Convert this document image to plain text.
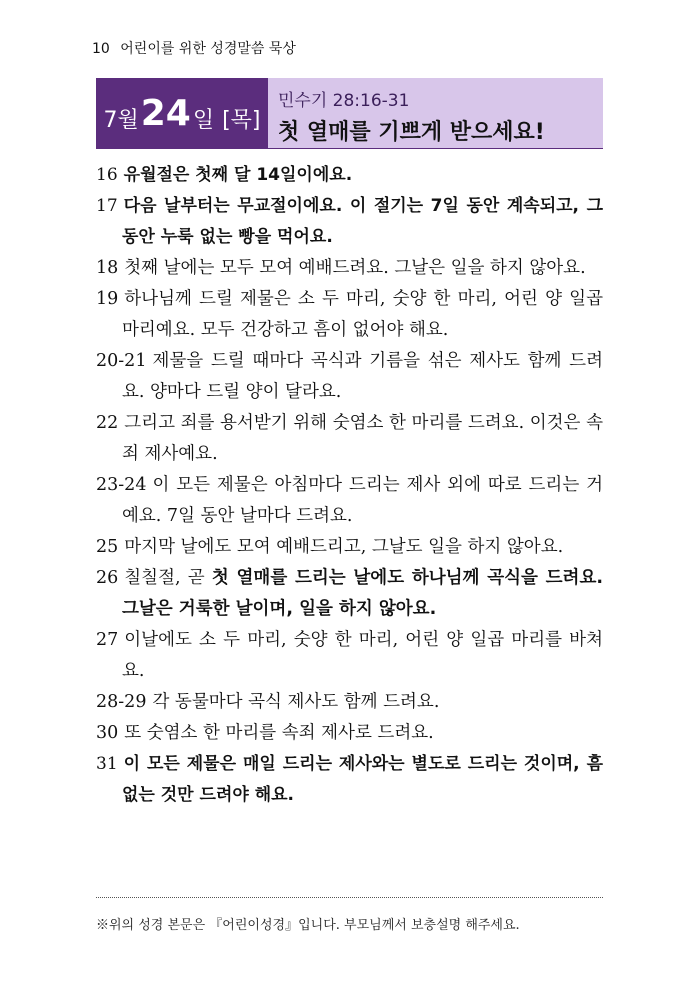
10 어린이를 위한 성경말씀 묵상
7월 24 일 [목]
민수기 28:16-31
첫 열매를 기쁘게 받으세요!

16 유월절은 첫째 달 14일이에요.

17 다음 날부터는 무교절이에요. 이 절기는 7일 동안 계속되고, 그동안 누룩 없는 빵을 먹어요.

18 첫째 날에는 모두 모여 예배드려요. 그날은 일을 하지 않아요.

19 하나님께 드릴 제물은 소 두 마리, 숫양 한 마리, 어린 양 일곱 마리예요. 모두 건강하고 흠이 없어야 해요.

20-21 제물을 드릴 때마다 곡식과 기름을 섞은 제사도 함께 드려요. 양마다 드릴 양이 달라요.

22 그리고 죄를 용서받기 위해 숫염소 한 마리를 드려요. 이것은 속죄 제사예요.

23-24 이 모든 제물은 아침마다 드리는 제사 외에 따로 드리는 거예요. 7일 동안 날마다 드려요.

25 마지막 날에도 모여 예배드리고, 그날도 일을 하지 않아요.

26 칠칠절, 곧 첫 열매를 드리는 날에도 하나님께 곡식을 드려요. 그날은 거룩한 날이며, 일을 하지 않아요.

27 이날에도 소 두 마리, 숫양 한 마리, 어린 양 일곱 마리를 바쳐요.

28-29 각 동물마다 곡식 제사도 함께 드려요.

30 또 숫염소 한 마리를 속죄 제사로 드려요.

31 이 모든 제물은 매일 드리는 제사와는 별도로 드리는 것이며, 흠 없는 것만 드려야 해요.

※위의 성경 본문은 『어린이성경』입니다. 부모님께서 보충설명 해주세요.
